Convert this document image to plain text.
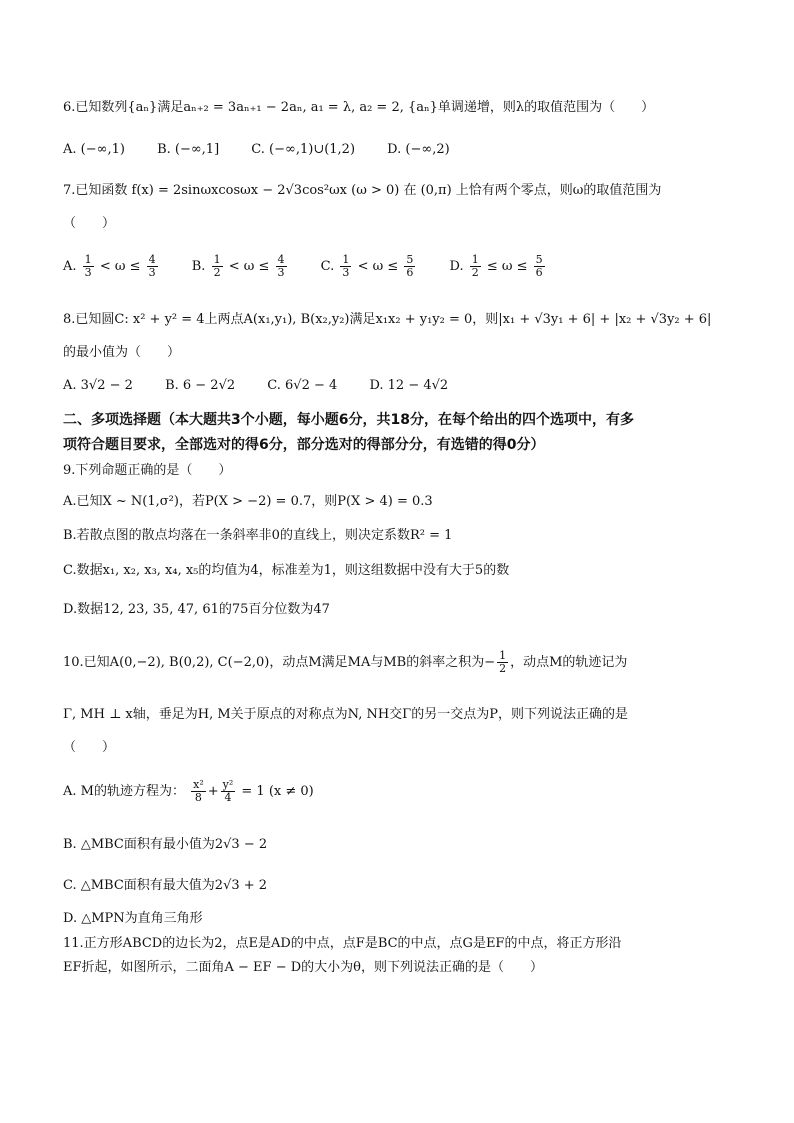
6.已知数列{aₙ}满足aₙ₊₂ = 3aₙ₊₁ − 2aₙ, a₁ = λ, a₂ = 2, {aₙ}单调递增，则λ的取值范围为（　　）
A. (−∞,1) B. (−∞,1] C. (−∞,1)∪(1,2) D. (−∞,2)
7.已知函数 f(x) = 2sinωxcosωx − 2√3cos²ωx (ω > 0) 在 (0,π) 上恰有两个零点，则ω的取值范围为
（　　）
A. $\frac{1}{3} < \omega \le \frac{4}{3}$	B. $\frac{1}{2} < \omega \le \frac{4}{3}$	C. $\frac{1}{3} < \omega \le \frac{5}{6}$	D. $\frac{1}{2} \le \omega \le \frac{5}{6}$
8.已知圆C: x² + y² = 4上两点A(x₁,y₁), B(x₂,y₂)满足x₁x₂ + y₁y₂ = 0，则|x₁ + √3y₁ + 6| + |x₂ + √3y₂ + 6|
的最小值为（　　）
A. 3√2 − 2 B. 6 − 2√2 C. 6√2 − 4 D. 12 − 4√2
二、多项选择题（本大题共3个小题，每小题6分，共18分，在每个给出的四个选项中，有多
项符合题目要求，全部选对的得6分，部分选对的得部分分，有选错的得0分）
9.下列命题正确的是（　　）
A.已知X ~ N(1,σ²)，若P(X > −2) = 0.7，则P(X > 4) = 0.3
B.若散点图的散点均落在一条斜率非0的直线上，则决定系数R² = 1
C.数据x₁, x₂, x₃, x₄, x₅的均值为4，标准差为1，则这组数据中没有大于5的数
D.数据12, 23, 35, 47, 61的75百分位数为47
10.已知A(0,−2), B(0,2), C(−2,0)，动点M满足MA与MB的斜率之积为− $\frac{1}{2}$ ，动点M的轨迹记为
Γ, MH ⊥ x轴，垂足为H, M关于原点的对称点为N, NH交Γ的另一交点为P，则下列说法正确的是
（　　）
A. M的轨迹方程为： $\frac{\text{x²}}{8} + \frac{\text{y²}}{4} = 1$ (x ≠ 0)
B. △MBC面积有最小值为2√3 − 2
C. △MBC面积有最大值为2√3 + 2
D. △MPN为直角三角形
11.正方形ABCD的边长为2，点E是AD的中点，点F是BC的中点，点G是EF的中点，将正方形沿
EF折起，如图所示，二面角A − EF − D的大小为θ，则下列说法正确的是（　　）
